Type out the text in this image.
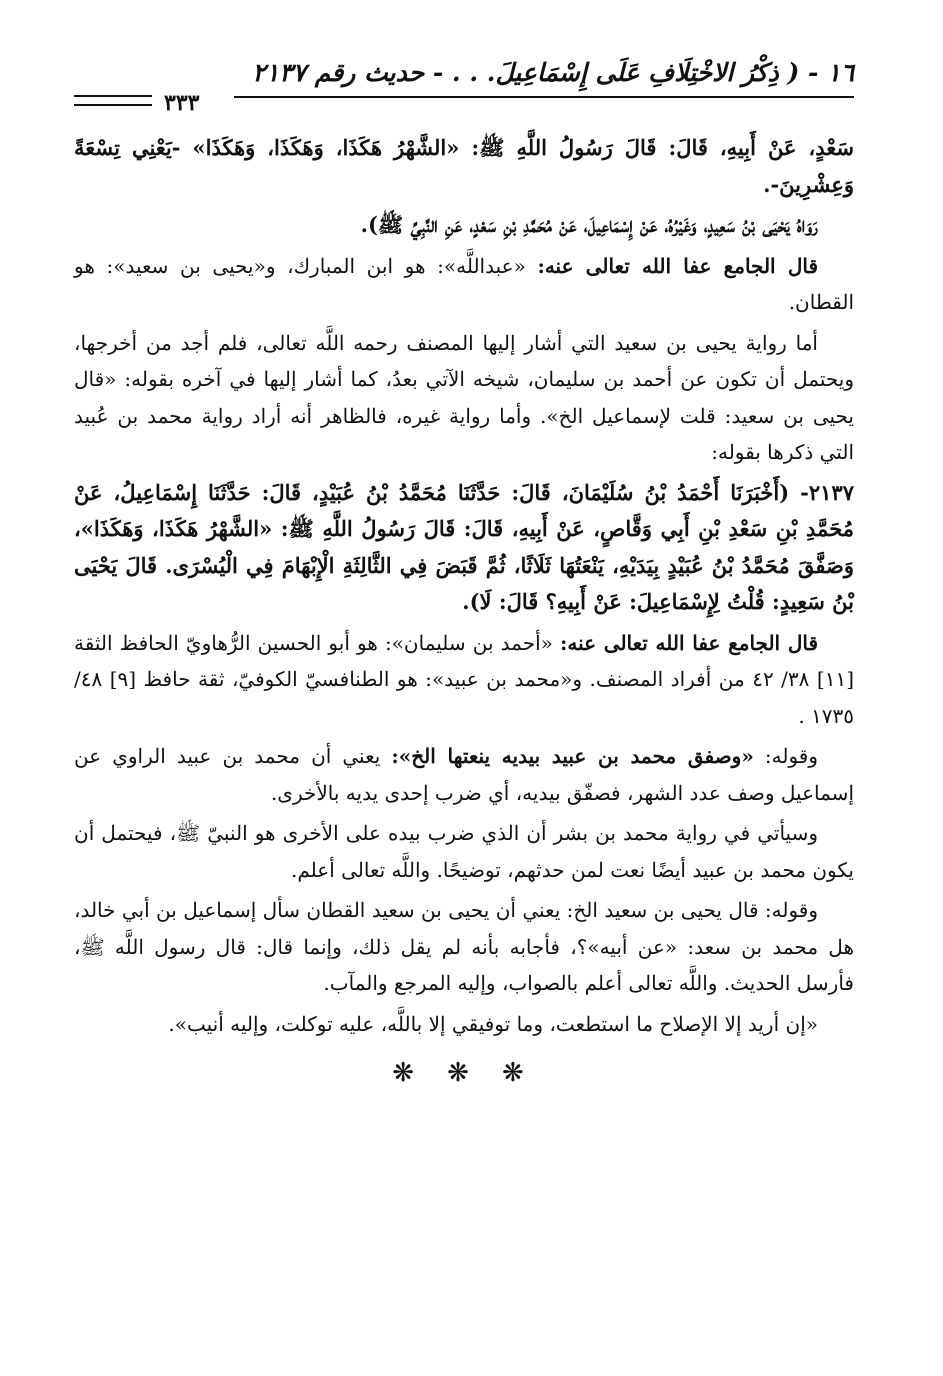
١٦ - ( ذِكْرُ الاخْتِلَافِ عَلَى إِسْمَاعِيلَ. . . - حديث رقم ٢١٣٧
٣٣٣

سَعْدٍ، عَنْ أَبِيهِ، قَالَ: قَالَ رَسُولُ اللَّهِ ﷺ: «الشَّهْرُ هَكَذَا، وَهَكَذَا، وَهَكَذَا» -يَعْنِي تِسْعَةً وَعِشْرِينَ-.

رَوَاهُ يَحْيَى بْنُ سَعِيدٍ، وَغَيْرُهُ، عَنْ إِسْمَاعِيلَ، عَنْ مُحَمَّدِ بْنِ سَعْدٍ، عَنِ النَّبِيِّ ﷺ).

قال الجامع عفا الله تعالى عنه: «عبداللَّه»: هو ابن المبارك، و«يحيى بن سعيد»: هو القطان.

أما رواية يحيى بن سعيد التي أشار إليها المصنف رحمه اللَّه تعالى، فلم أجد من أخرجها، ويحتمل أن تكون عن أحمد بن سليمان، شيخه الآتي بعدُ، كما أشار إليها في آخره بقوله: «قال يحيى بن سعيد: قلت لإسماعيل الخ». وأما رواية غيره، فالظاهر أنه أراد رواية محمد بن عُبيد التي ذكرها بقوله:

٢١٣٧- (أَخْبَرَنَا أَحْمَدُ بْنُ سُلَيْمَانَ، قَالَ: حَدَّثَنَا مُحَمَّدُ بْنُ عُبَيْدٍ، قَالَ: حَدَّثَنَا إِسْمَاعِيلُ، عَنْ مُحَمَّدِ بْنِ سَعْدِ بْنِ أَبِي وَقَّاصٍ، عَنْ أَبِيهِ، قَالَ: قَالَ رَسُولُ اللَّهِ ﷺ: «الشَّهْرُ هَكَذَا، وَهَكَذَا»، وَصَفَّقَ مُحَمَّدُ بْنُ عُبَيْدٍ بِيَدَيْهِ، يَنْعَتُهَا ثَلَاثًا، ثُمَّ قَبَضَ فِي الثَّالِثَةِ الْإِبْهَامَ فِي الْيُسْرَى. قَالَ يَحْيَى بْنُ سَعِيدٍ: قُلْتُ لِإِسْمَاعِيلَ: عَنْ أَبِيهِ؟ قَالَ: لَا).

قال الجامع عفا الله تعالى عنه: «أحمد بن سليمان»: هو أبو الحسين الرُّهاويّ الحافظ الثقة [١١] ٣٨/ ٤٢ من أفراد المصنف. و«محمد بن عبيد»: هو الطنافسيّ الكوفيّ، ثقة حافظ [٩] ٤٨/ ١٧٣٥ .

وقوله: «وصفق محمد بن عبيد بيديه ينعتها الخ»: يعني أن محمد بن عبيد الراوي عن إسماعيل وصف عدد الشهر، فصفّق بيديه، أي ضرب إحدى يديه بالأخرى.

وسيأتي في رواية محمد بن بشر أن الذي ضرب بيده على الأخرى هو النبيّ ﷺ، فيحتمل أن يكون محمد بن عبيد أيضًا نعت لمن حدثهم، توضيحًا. واللَّه تعالى أعلم.

وقوله: قال يحيى بن سعيد الخ: يعني أن يحيى بن سعيد القطان سأل إسماعيل بن أبي خالد، هل محمد بن سعد: «عن أبيه»؟، فأجابه بأنه لم يقل ذلك، وإنما قال: قال رسول اللَّه ﷺ، فأرسل الحديث. واللَّه تعالى أعلم بالصواب، وإليه المرجع والمآب.

«إن أريد إلا الإصلاح ما استطعت، وما توفيقي إلا باللَّه، عليه توكلت، وإليه أنيب».

❋ ❋ ❋
